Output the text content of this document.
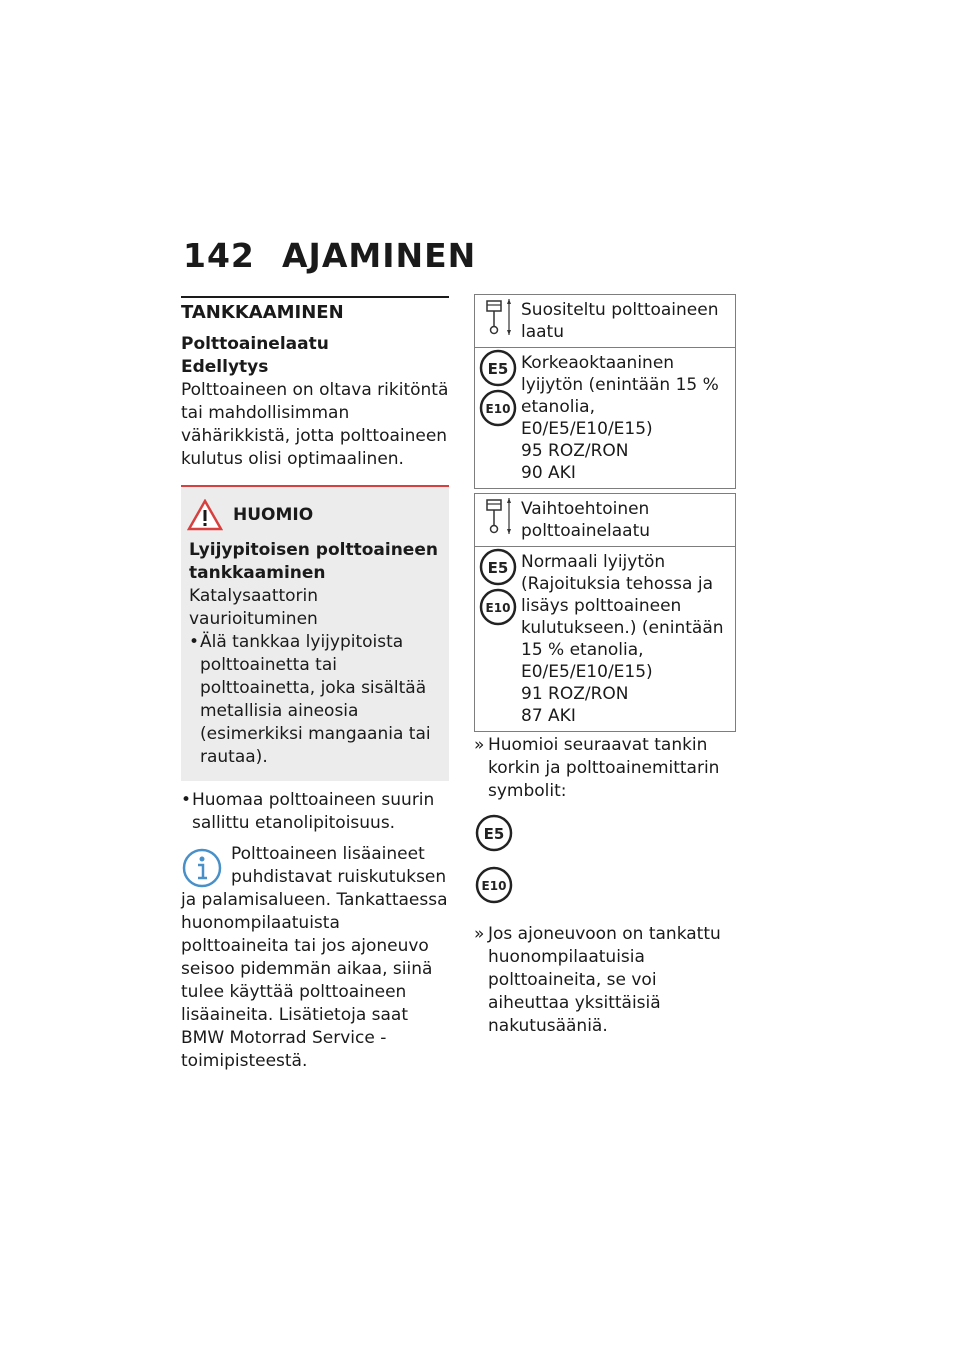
142 AJAMINEN
TANKKAAMINEN
Polttoainelaatu
Edellytys
Polttoaineen on oltava rikitöntä tai mahdollisimman vähärikkistä, jotta polttoaineen kulutus olisi optimaalinen.
HUOMIO
Lyijypitoisen polttoaineen tankkaaminen
Katalysaattorin vaurioituminen
• Älä tankkaa lyijypitoista polttoainetta tai polttoainetta, joka sisältää metallisia aineosia (esimerkiksi mangaania tai rautaa).
• Huomaa polttoaineen suurin sallittu etanolipitoisuus.
Polttoaineen lisäaineet puhdistavat ruiskutuksen ja palamisalueen. Tankattaessa huonompilaatuista polttoaineita tai jos ajoneuvo seisoo pidemmän aikaa, siinä tulee käyttää polttoaineen lisäaineita. Lisätietoja saat BMW Motorrad Service -toimipisteestä.
Suositeltu polttoaineen laatu
E5
E10
Korkeaoktaaninen lyijytön (enintään 15 % etanolia, E0/E5/E10/E15)
95 ROZ/RON
90 AKI
Vaihtoehtoinen polttoainelaatu
E5
E10
Normaali lyijytön (Rajoituksia tehossa ja lisäys polttoaineen kulutukseen.) (enintään 15 % etanolia, E0/E5/E10/E15)
91 ROZ/RON
87 AKI
» Huomioi seuraavat tankin korkin ja polttoainemittarin symbolit:
E5
E10
» Jos ajoneuvoon on tankattu huonompilaatuisia polttoaineita, se voi aiheuttaa yksittäisiä nakutusääniä.
